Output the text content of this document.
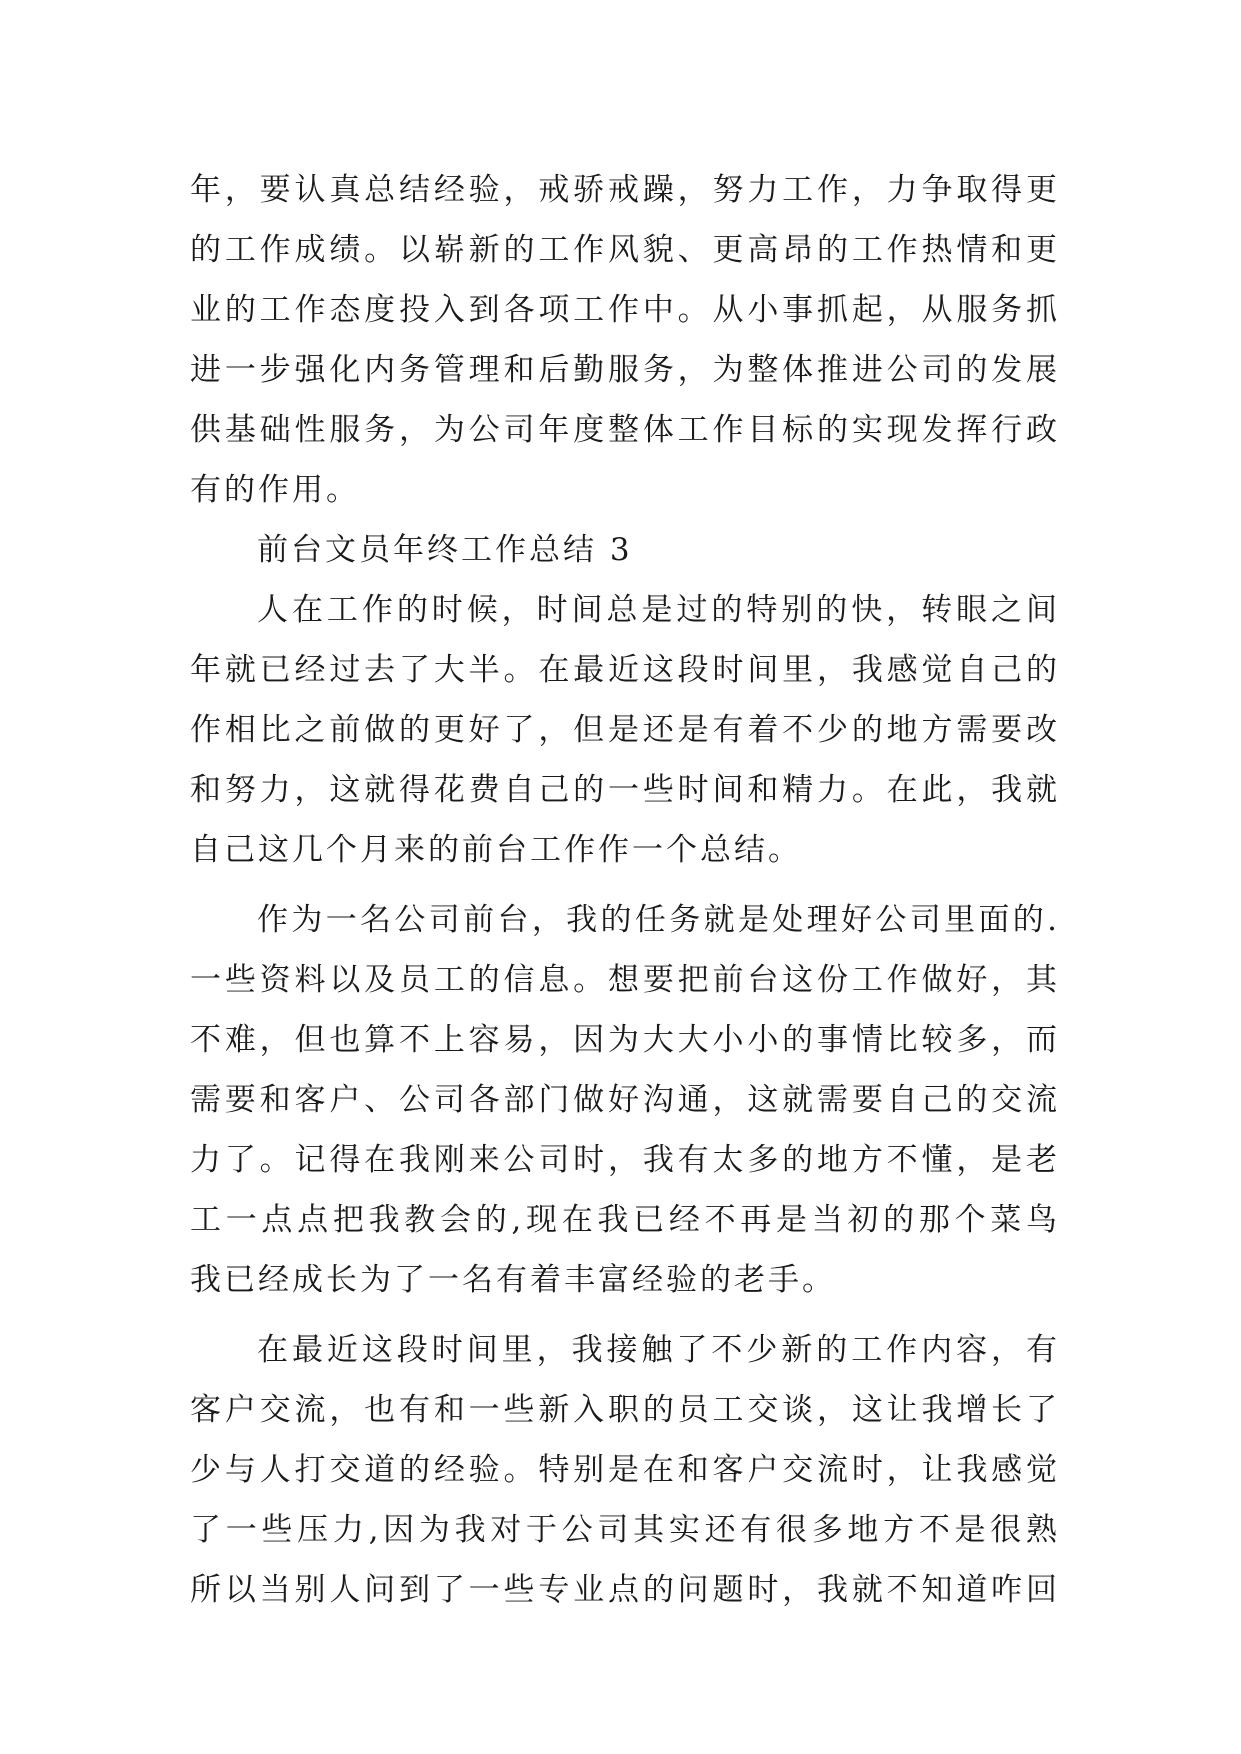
年，要认真总结经验，戒骄戒躁，努力工作，力争取得更
的工作成绩。以崭新的工作风貌、更高昂的工作热情和更
业的工作态度投入到各项工作中。从小事抓起，从服务抓
进一步强化内务管理和后勤服务，为整体推进公司的发展
供基础性服务，为公司年度整体工作目标的实现发挥行政
有的作用。
前台文员年终工作总结 3
人在工作的时候，时间总是过的特别的快，转眼之间
年就已经过去了大半。在最近这段时间里，我感觉自己的
作相比之前做的更好了，但是还是有着不少的地方需要改
和努力，这就得花费自己的一些时间和精力。在此，我就
自己这几个月来的前台工作作一个总结。
作为一名公司前台，我的任务就是处理好公司里面的.
一些资料以及员工的信息。想要把前台这份工作做好，其
不难，但也算不上容易，因为大大小小的事情比较多，而
需要和客户、公司各部门做好沟通，这就需要自己的交流
力了。记得在我刚来公司时，我有太多的地方不懂，是老
工一点点把我教会的,现在我已经不再是当初的那个菜鸟
我已经成长为了一名有着丰富经验的老手。
在最近这段时间里，我接触了不少新的工作内容，有
客户交流，也有和一些新入职的员工交谈，这让我增长了
少与人打交道的经验。特别是在和客户交流时，让我感觉
了一些压力,因为我对于公司其实还有很多地方不是很熟
所以当别人问到了一些专业点的问题时，我就不知道咋回
